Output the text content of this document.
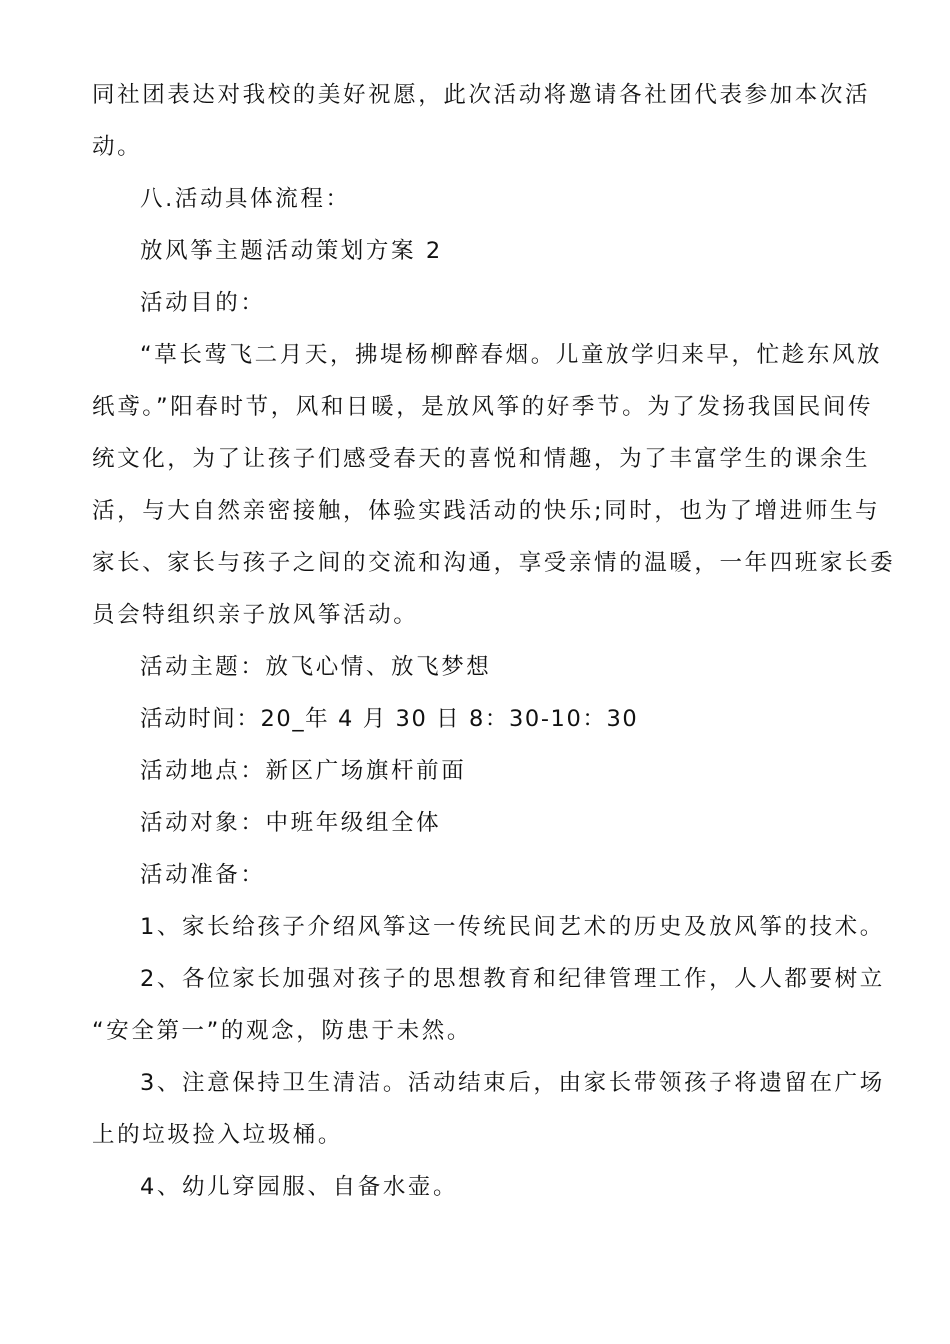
同社团表达对我校的美好祝愿，此次活动将邀请各社团代表参加本次活
动。
八.活动具体流程：
放风筝主题活动策划方案 2
活动目的：
“草长莺飞二月天，拂堤杨柳醉春烟。儿童放学归来早，忙趁东风放
纸鸢。”阳春时节，风和日暖，是放风筝的好季节。为了发扬我国民间传
统文化，为了让孩子们感受春天的喜悦和情趣，为了丰富学生的课余生
活，与大自然亲密接触，体验实践活动的快乐;同时，也为了增进师生与
家长、家长与孩子之间的交流和沟通，享受亲情的温暖，一年四班家长委
员会特组织亲子放风筝活动。
活动主题：放飞心情、放飞梦想
活动时间：20_年 4 月 30 日 8：30-10：30
活动地点：新区广场旗杆前面
活动对象：中班年级组全体
活动准备：
1、家长给孩子介绍风筝这一传统民间艺术的历史及放风筝的技术。
2、各位家长加强对孩子的思想教育和纪律管理工作，人人都要树立
“安全第一”的观念，防患于未然。
3、注意保持卫生清洁。活动结束后，由家长带领孩子将遗留在广场
上的垃圾捡入垃圾桶。
4、幼儿穿园服、自备水壶。
